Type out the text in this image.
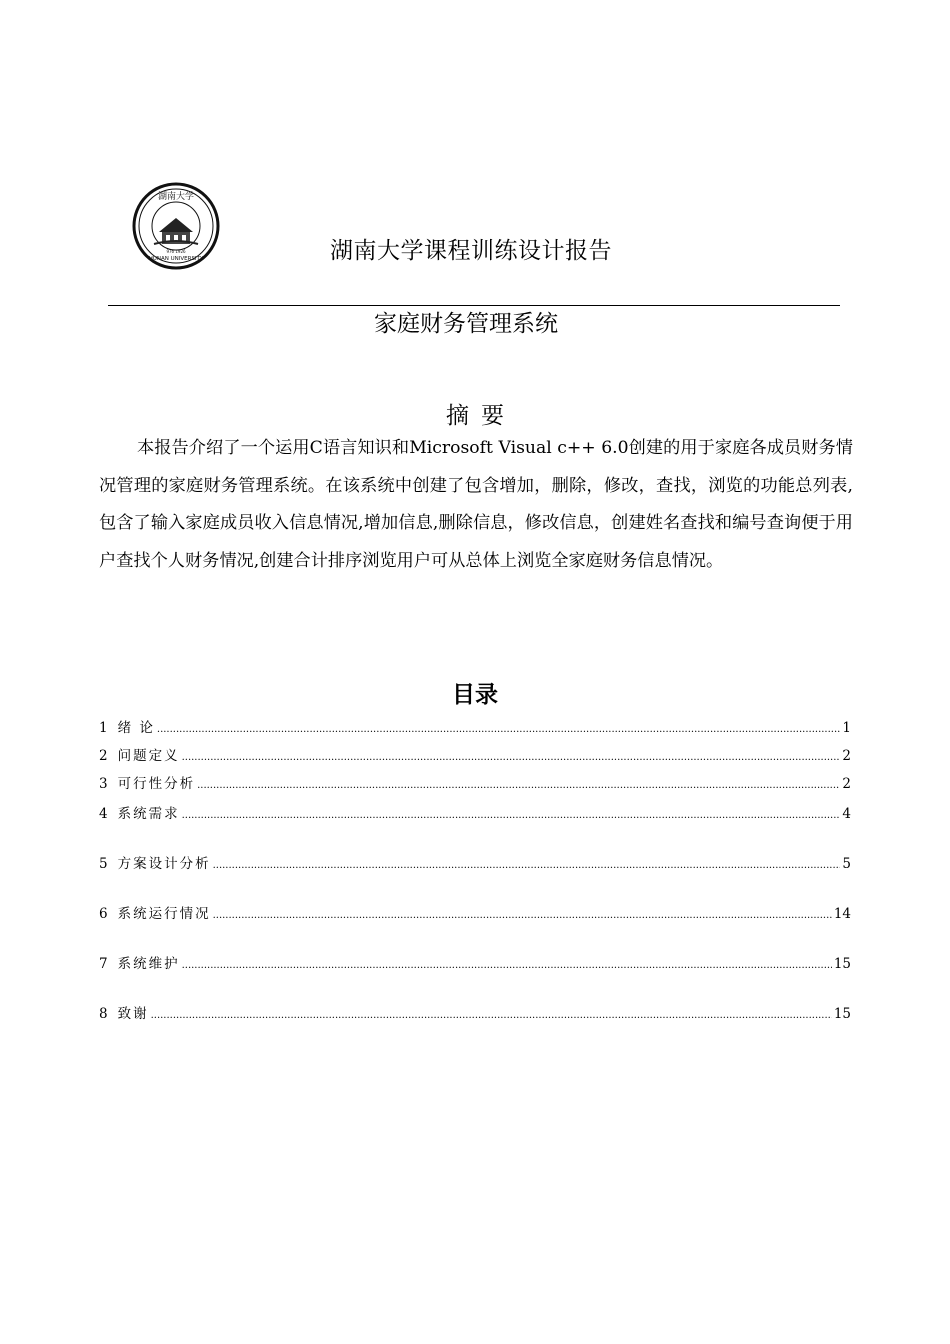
湖南大学
HUNAN UNIVERSITY
976 1926	湖南大学课程训练设计报告
家庭财务管理系统
摘要

本报告介绍了一个运用C语言知识和Microsoft Visual c++ 6.0创建的用于家庭各成员财务情况管理的家庭财务管理系统。在该系统中创建了包含增加，删除，修改，查找，浏览的功能总列表,包含了输入家庭成员收入信息情况,增加信息,删除信息，修改信息，创建姓名查找和编号查询便于用户查找个人财务情况,创建合计排序浏览用户可从总体上浏览全家庭财务信息情况。

目录
1 绪 论 .....	1
2 问题定义 .....	2
3 可行性分析 .....	2
4 系统需求 .....	4
5 方案设计分析 .....	5
6 系统运行情况 .....	14
7 系统维护 .....	15
8 致谢 .....	15
